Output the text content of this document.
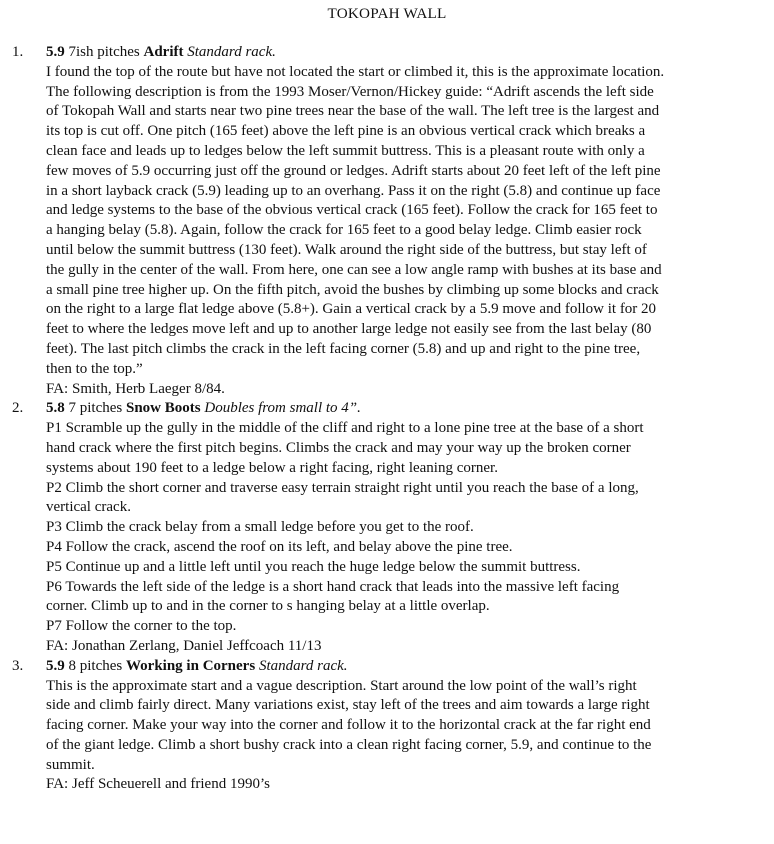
TOKOPAH WALL
1. 5.9 7ish pitches Adrift Standard rack.
I found the top of the route but have not located the start or climbed it, this is the approximate location.
The following description is from the 1993 Moser/Vernon/Hickey guide: “Adrift ascends the left side
of Tokopah Wall and starts near two pine trees near the base of the wall. The left tree is the largest and
its top is cut off. One pitch (165 feet) above the left pine is an obvious vertical crack which breaks a
clean face and leads up to ledges below the left summit buttress. This is a pleasant route with only a
few moves of 5.9 occurring just off the ground or ledges. Adrift starts about 20 feet left of the left pine
in a short layback crack (5.9) leading up to an overhang. Pass it on the right (5.8) and continue up face
and ledge systems to the base of the obvious vertical crack (165 feet). Follow the crack for 165 feet to
a hanging belay (5.8). Again, follow the crack for 165 feet to a good belay ledge. Climb easier rock
until below the summit buttress (130 feet). Walk around the right side of the buttress, but stay left of
the gully in the center of the wall. From here, one can see a low angle ramp with bushes at its base and
a small pine tree higher up. On the fifth pitch, avoid the bushes by climbing up some blocks and crack
on the right to a large flat ledge above (5.8+). Gain a vertical crack by a 5.9 move and follow it for 20
feet to where the ledges move left and up to another large ledge not easily see from the last belay (80
feet). The last pitch climbs the crack in the left facing corner (5.8) and up and right to the pine tree,
then to the top.”
FA: Smith, Herb Laeger 8/84.
2. 5.8 7 pitches Snow Boots Doubles from small to 4”.
P1 Scramble up the gully in the middle of the cliff and right to a lone pine tree at the base of a short
hand crack where the first pitch begins. Climbs the crack and may your way up the broken corner
systems about 190 feet to a ledge below a right facing, right leaning corner.
P2 Climb the short corner and traverse easy terrain straight right until you reach the base of a long,
vertical crack.
P3 Climb the crack belay from a small ledge before you get to the roof.
P4 Follow the crack, ascend the roof on its left, and belay above the pine tree.
P5 Continue up and a little left until you reach the huge ledge below the summit buttress.
P6 Towards the left side of the ledge is a short hand crack that leads into the massive left facing
corner. Climb up to and in the corner to s hanging belay at a little overlap.
P7 Follow the corner to the top.
FA: Jonathan Zerlang, Daniel Jeffcoach 11/13
3. 5.9 8 pitches Working in Corners Standard rack.
This is the approximate start and a vague description. Start around the low point of the wall’s right
side and climb fairly direct. Many variations exist, stay left of the trees and aim towards a large right
facing corner. Make your way into the corner and follow it to the horizontal crack at the far right end
of the giant ledge. Climb a short bushy crack into a clean right facing corner, 5.9, and continue to the
summit.
FA: Jeff Scheuerell and friend 1990’s
